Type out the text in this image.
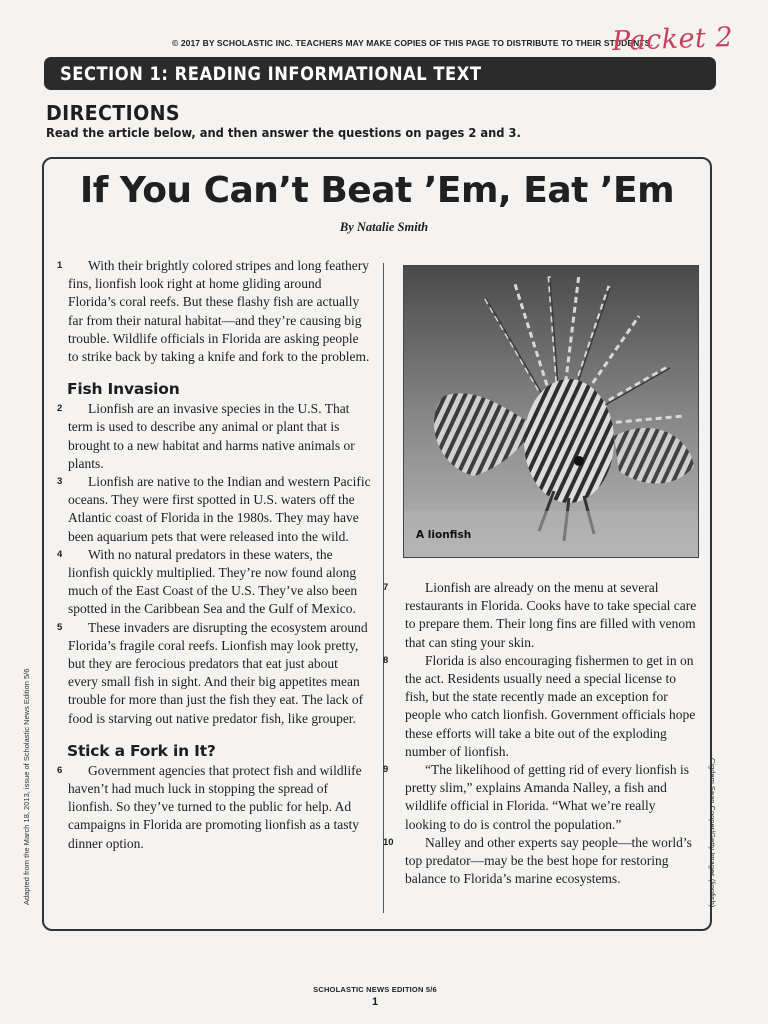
© 2017 BY SCHOLASTIC INC. TEACHERS MAY MAKE COPIES OF THIS PAGE TO DISTRIBUTE TO THEIR STUDENTS.
Packet 2
SECTION 1: READING INFORMATIONAL TEXT
DIRECTIONS
Read the article below, and then answer the questions on pages 2 and 3.
If You Can’t Beat ’Em, Eat ’Em
By Natalie Smith

1 With their brightly colored stripes and long feathery fins, lionfish look right at home gliding around Florida’s coral reefs. But these flashy fish are actually far from their natural habitat—and they’re causing big trouble. Wildlife officials in Florida are asking people to strike back by taking a knife and fork to the problem.

Fish Invasion

2 Lionfish are an invasive species in the U.S. That term is used to describe any animal or plant that is brought to a new habitat and harms native animals or plants.

3 Lionfish are native to the Indian and western Pacific oceans. They were first spotted in U.S. waters off the Atlantic coast of Florida in the 1980s. They may have been aquarium pets that were released into the wild.

4 With no natural predators in these waters, the lionfish quickly multiplied. They’re now found along much of the East Coast of the U.S. They’ve also been spotted in the Caribbean Sea and the Gulf of Mexico.

5 These invaders are disrupting the ecosystem around Florida’s fragile coral reefs. Lionfish may look pretty, but they are ferocious predators that eat just about every small fish in sight. And their big appetites mean trouble for more than just the fish they eat. The lack of food is starving out native predator fish, like grouper.

Stick a Fork in It?

6 Government agencies that protect fish and wildlife haven’t had much luck in stopping the spread of lionfish. So they’ve turned to the public for help. Ad campaigns in Florida are promoting lionfish as a tasty dinner option.

A lionfish

7	Lionfish are already on the menu at several restaurants in Florida. Cooks have to take special care to prepare them. Their long fins are filled with venom that can sting your skin.

8	Florida is also encouraging fishermen to get in on the act. Residents usually need a special license to fish, but the state recently made an exception for people who catch lionfish. Government officials hope these efforts will take a bite out of the exploding number of lionfish.

9	“The likelihood of getting rid of every lionfish is pretty slim,” explains Amanda Nalley, a fish and wildlife official in Florida. “What we’re really looking to do is control the population.”

10 Nalley and other experts say people—the world’s top predator—may be the best hope for restoring balance to Florida’s marine ecosystems.

Adapted from the March 18, 2013, issue of Scholastic News Edition 5/6	Cigdem Sean Cooper/Getty Images (lionfish)
SCHOLASTIC NEWS EDITION 5/6
1
